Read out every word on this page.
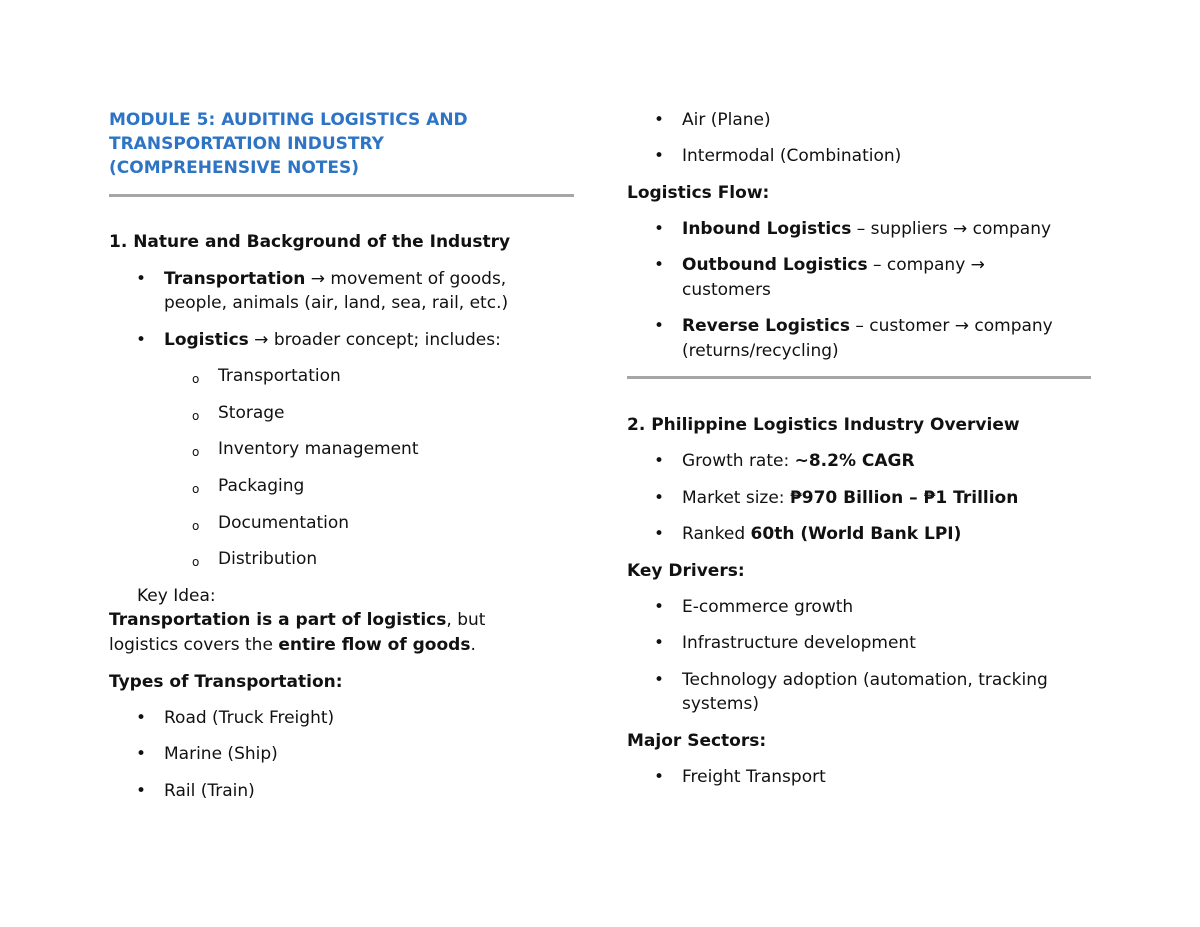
MODULE 5: AUDITING LOGISTICS AND
TRANSPORTATION INDUSTRY
(COMPREHENSIVE NOTES)
1. Nature and Background of the Industry
• Transportation → movement of goods,
people, animals (air, land, sea, rail, etc.)
• Logistics → broader concept; includes:
o Transportation
o Storage
o Inventory management
o Packaging
o Documentation
o Distribution
Key Idea:
Transportation is a part of logistics, but
logistics covers the entire flow of goods.
Types of Transportation:
• Road (Truck Freight)
• Marine (Ship)
• Rail (Train)
• Air (Plane)
• Intermodal (Combination)
Logistics Flow:
• Inbound Logistics – suppliers → company
• Outbound Logistics – company →
customers
• Reverse Logistics – customer → company
(returns/recycling)
2. Philippine Logistics Industry Overview
• Growth rate: ~8.2% CAGR
• Market size: ₱970 Billion – ₱1 Trillion
• Ranked 60th (World Bank LPI)
Key Drivers:
• E-commerce growth
• Infrastructure development
• Technology adoption (automation, tracking
systems)
Major Sectors:
• Freight Transport
